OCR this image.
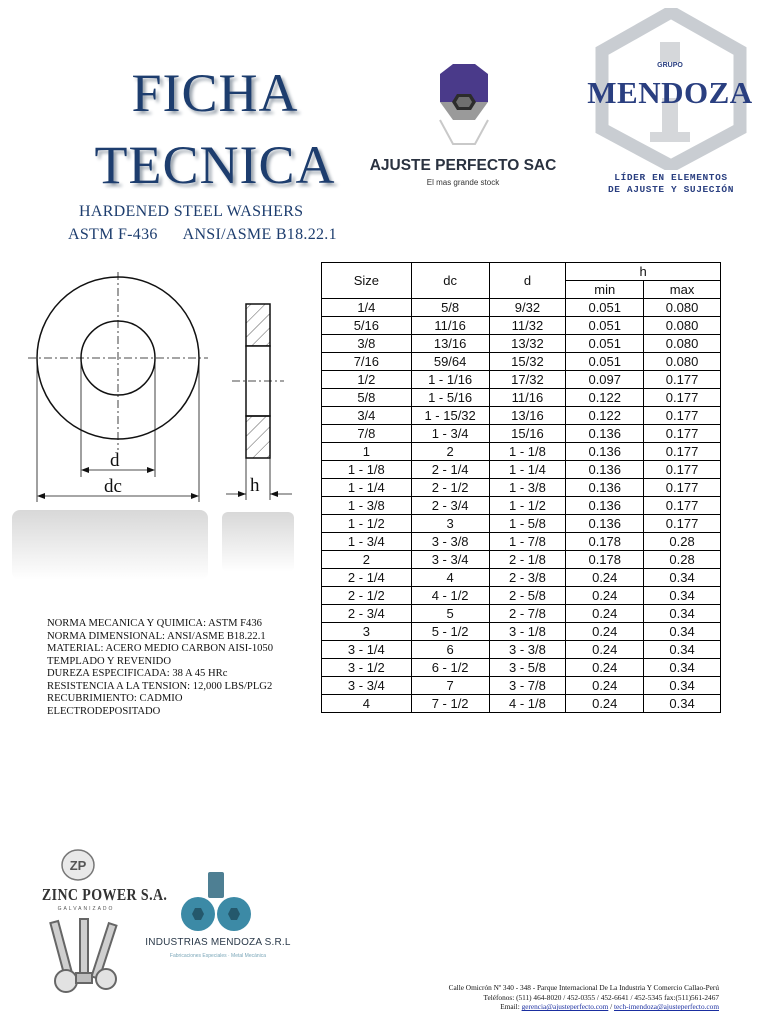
FICHA
TECNICA
HARDENED STEEL WASHERS
ASTM F-436      ANSI/ASME B18.22.1
AJUSTE PERFECTO SAC
El mas grande stock
GRUPO
MENDOZA
LÍDER EN ELEMENTOS
DE AJUSTE Y SUJECIÓN
d
dc	h
Size	dc	d	h	
			min	max
1/4	5/8	9/32	0.051	0.080
5/16	11/16	11/32	0.051	0.080
3/8	13/16	13/32	0.051	0.080
7/16	59/64	15/32	0.051	0.080
1/2	1 - 1/16	17/32	0.097	0.177
5/8	1 - 5/16	11/16	0.122	0.177
3/4	1 - 15/32	13/16	0.122	0.177
7/8	1 - 3/4	15/16	0.136	0.177
1	2	1 - 1/8	0.136	0.177
1 - 1/8	2 - 1/4	1 - 1/4	0.136	0.177
1 - 1/4	2 - 1/2	1 - 3/8	0.136	0.177
1 - 3/8	2 - 3/4	1 - 1/2	0.136	0.177
1 - 1/2	3	1 - 5/8	0.136	0.177
1 - 3/4	3 - 3/8	1 - 7/8	0.178	0.28
2	3 - 3/4	2 - 1/8	0.178	0.28
2 - 1/4	4	2 - 3/8	0.24	0.34
2 - 1/2	4 - 1/2	2 - 5/8	0.24	0.34
2 - 3/4	5	2 - 7/8	0.24	0.34
3	5 - 1/2	3 - 1/8	0.24	0.34
3 - 1/4	6	3 - 3/8	0.24	0.34
3 - 1/2	6 - 1/2	3 - 5/8	0.24	0.34
3 - 3/4	7	3 - 7/8	0.24	0.34
4	7 - 1/2	4 - 1/8	0.24	0.34
NORMA MECANICA Y QUIMICA: ASTM F436
NORMA DIMENSIONAL: ANSI/ASME B18.22.1
MATERIAL: ACERO MEDIO CARBON AISI-1050
TEMPLADO Y REVENIDO
DUREZA ESPECIFICADA: 38 A 45 HRc
RESISTENCIA A LA TENSION: 12,000 LBS/PLG2
RECUBRIMIENTO: CADMIO
ELECTRODEPOSITADO
ZP
ZINC POWER S.A.
GALVANIZADO
INDUSTRIAS MENDOZA S.R.L
Fabricaciones Especiales · Metal Mecánica
Calle Omicrón Nº 340 - 348 - Parque Internacional De La Industria Y Comercio Callao-Perú
Teléfonos: (511) 464-8020 / 452-0355 / 452-6641 / 452-5345 fax:(511)561-2467
Email: gerencia@ajusteperfecto.com / tech-imendoza@ajusteperfecto.com
